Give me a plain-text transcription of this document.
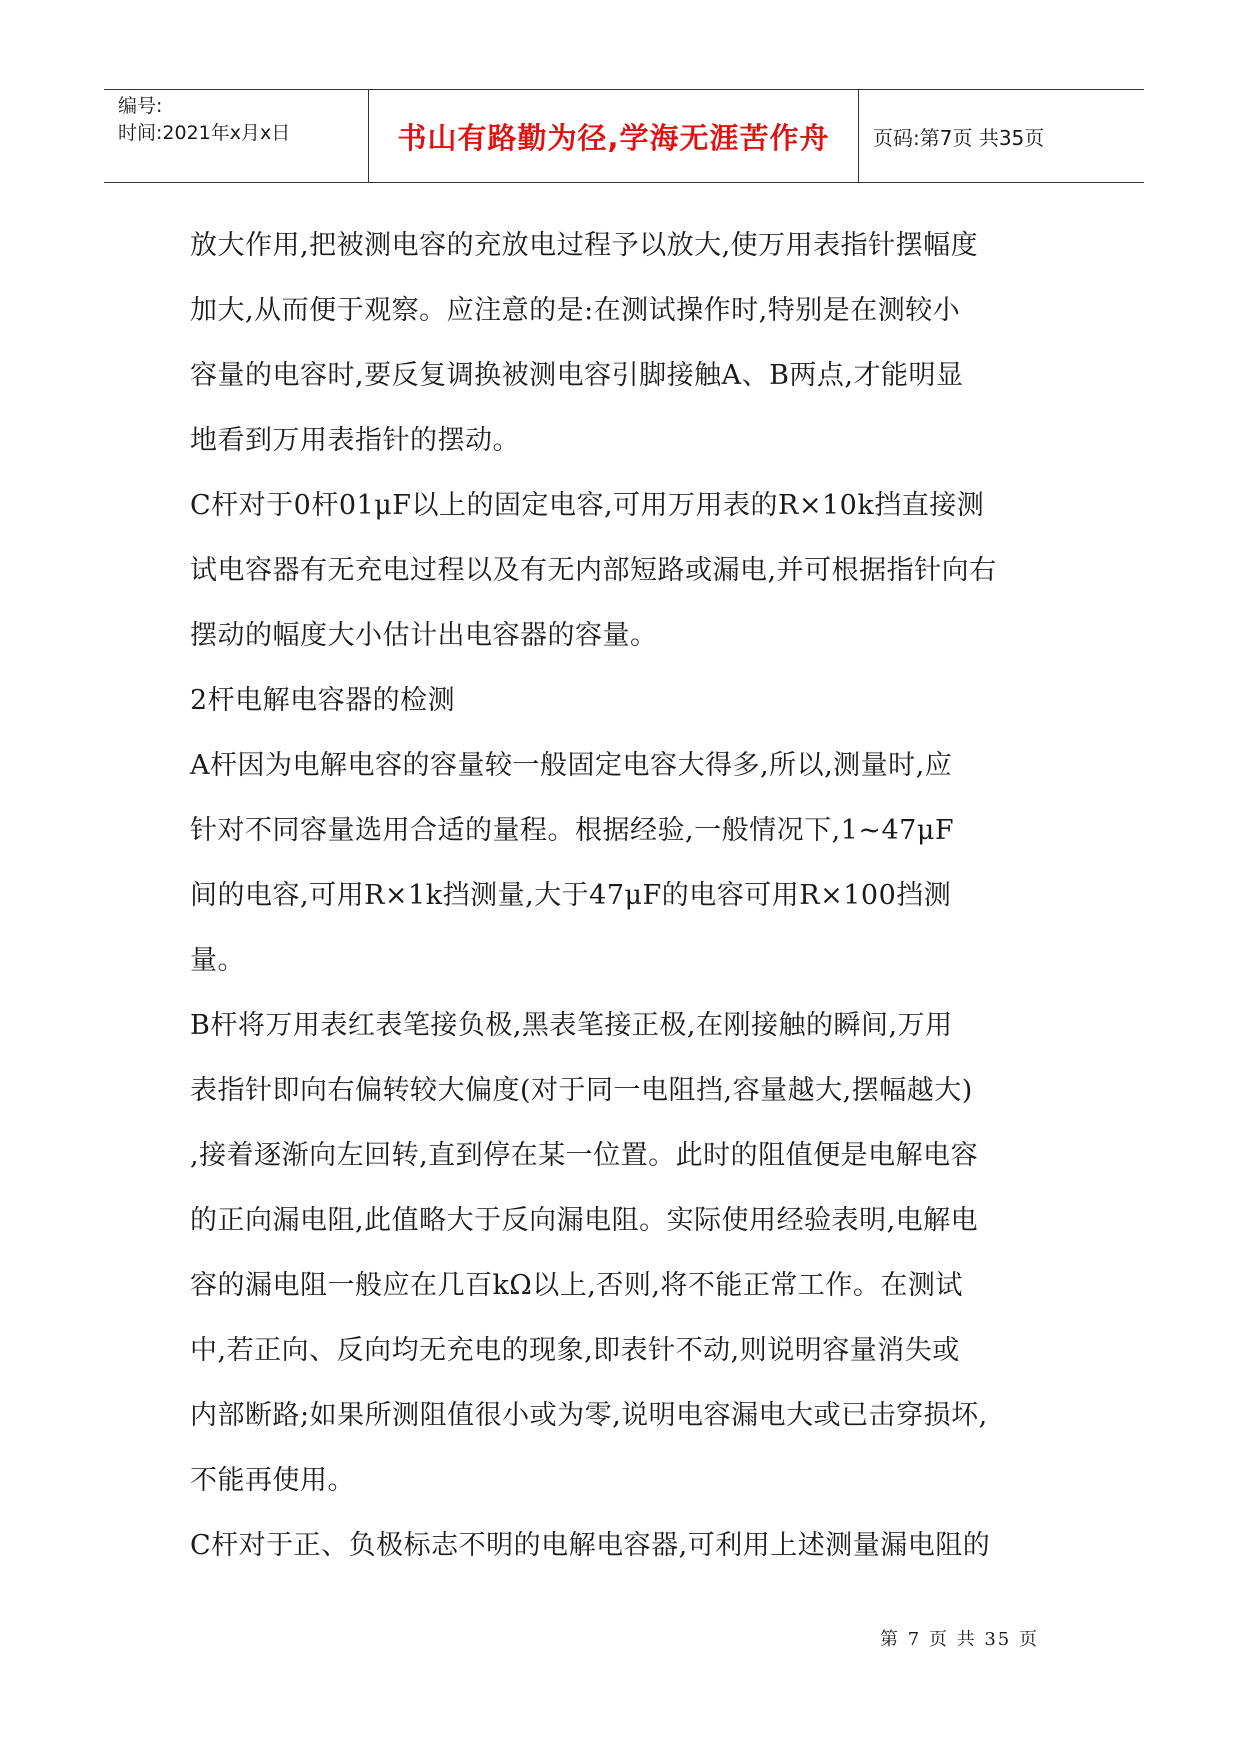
编号:
时间:2021年x月x日	书山有路勤为径,学海无涯苦作舟 页码:第7页 共35页
放大作用,把被测电容的充放电过程予以放大,使万用表指针摆幅度
加大,从而便于观察。应注意的是:在测试操作时,特别是在测较小
容量的电容时,要反复调换被测电容引脚接触A、B两点,才能明显
地看到万用表指针的摆动。
C杆对于0杆01μF以上的固定电容,可用万用表的R×10k挡直接测
试电容器有无充电过程以及有无内部短路或漏电,并可根据指针向右
摆动的幅度大小估计出电容器的容量。
2杆电解电容器的检测
A杆因为电解电容的容量较一般固定电容大得多,所以,测量时,应
针对不同容量选用合适的量程。根据经验,一般情况下,1~47μF
间的电容,可用R×1k挡测量,大于47μF的电容可用R×100挡测
量。
B杆将万用表红表笔接负极,黑表笔接正极,在刚接触的瞬间,万用
表指针即向右偏转较大偏度(对于同一电阻挡,容量越大,摆幅越大)
,接着逐渐向左回转,直到停在某一位置。此时的阻值便是电解电容
的正向漏电阻,此值略大于反向漏电阻。实际使用经验表明,电解电
容的漏电阻一般应在几百kΩ以上,否则,将不能正常工作。在测试
中,若正向、反向均无充电的现象,即表针不动,则说明容量消失或
内部断路;如果所测阻值很小或为零,说明电容漏电大或已击穿损坏,
不能再使用。
C杆对于正、负极标志不明的电解电容器,可利用上述测量漏电阻的
第 7 页 共 35 页
